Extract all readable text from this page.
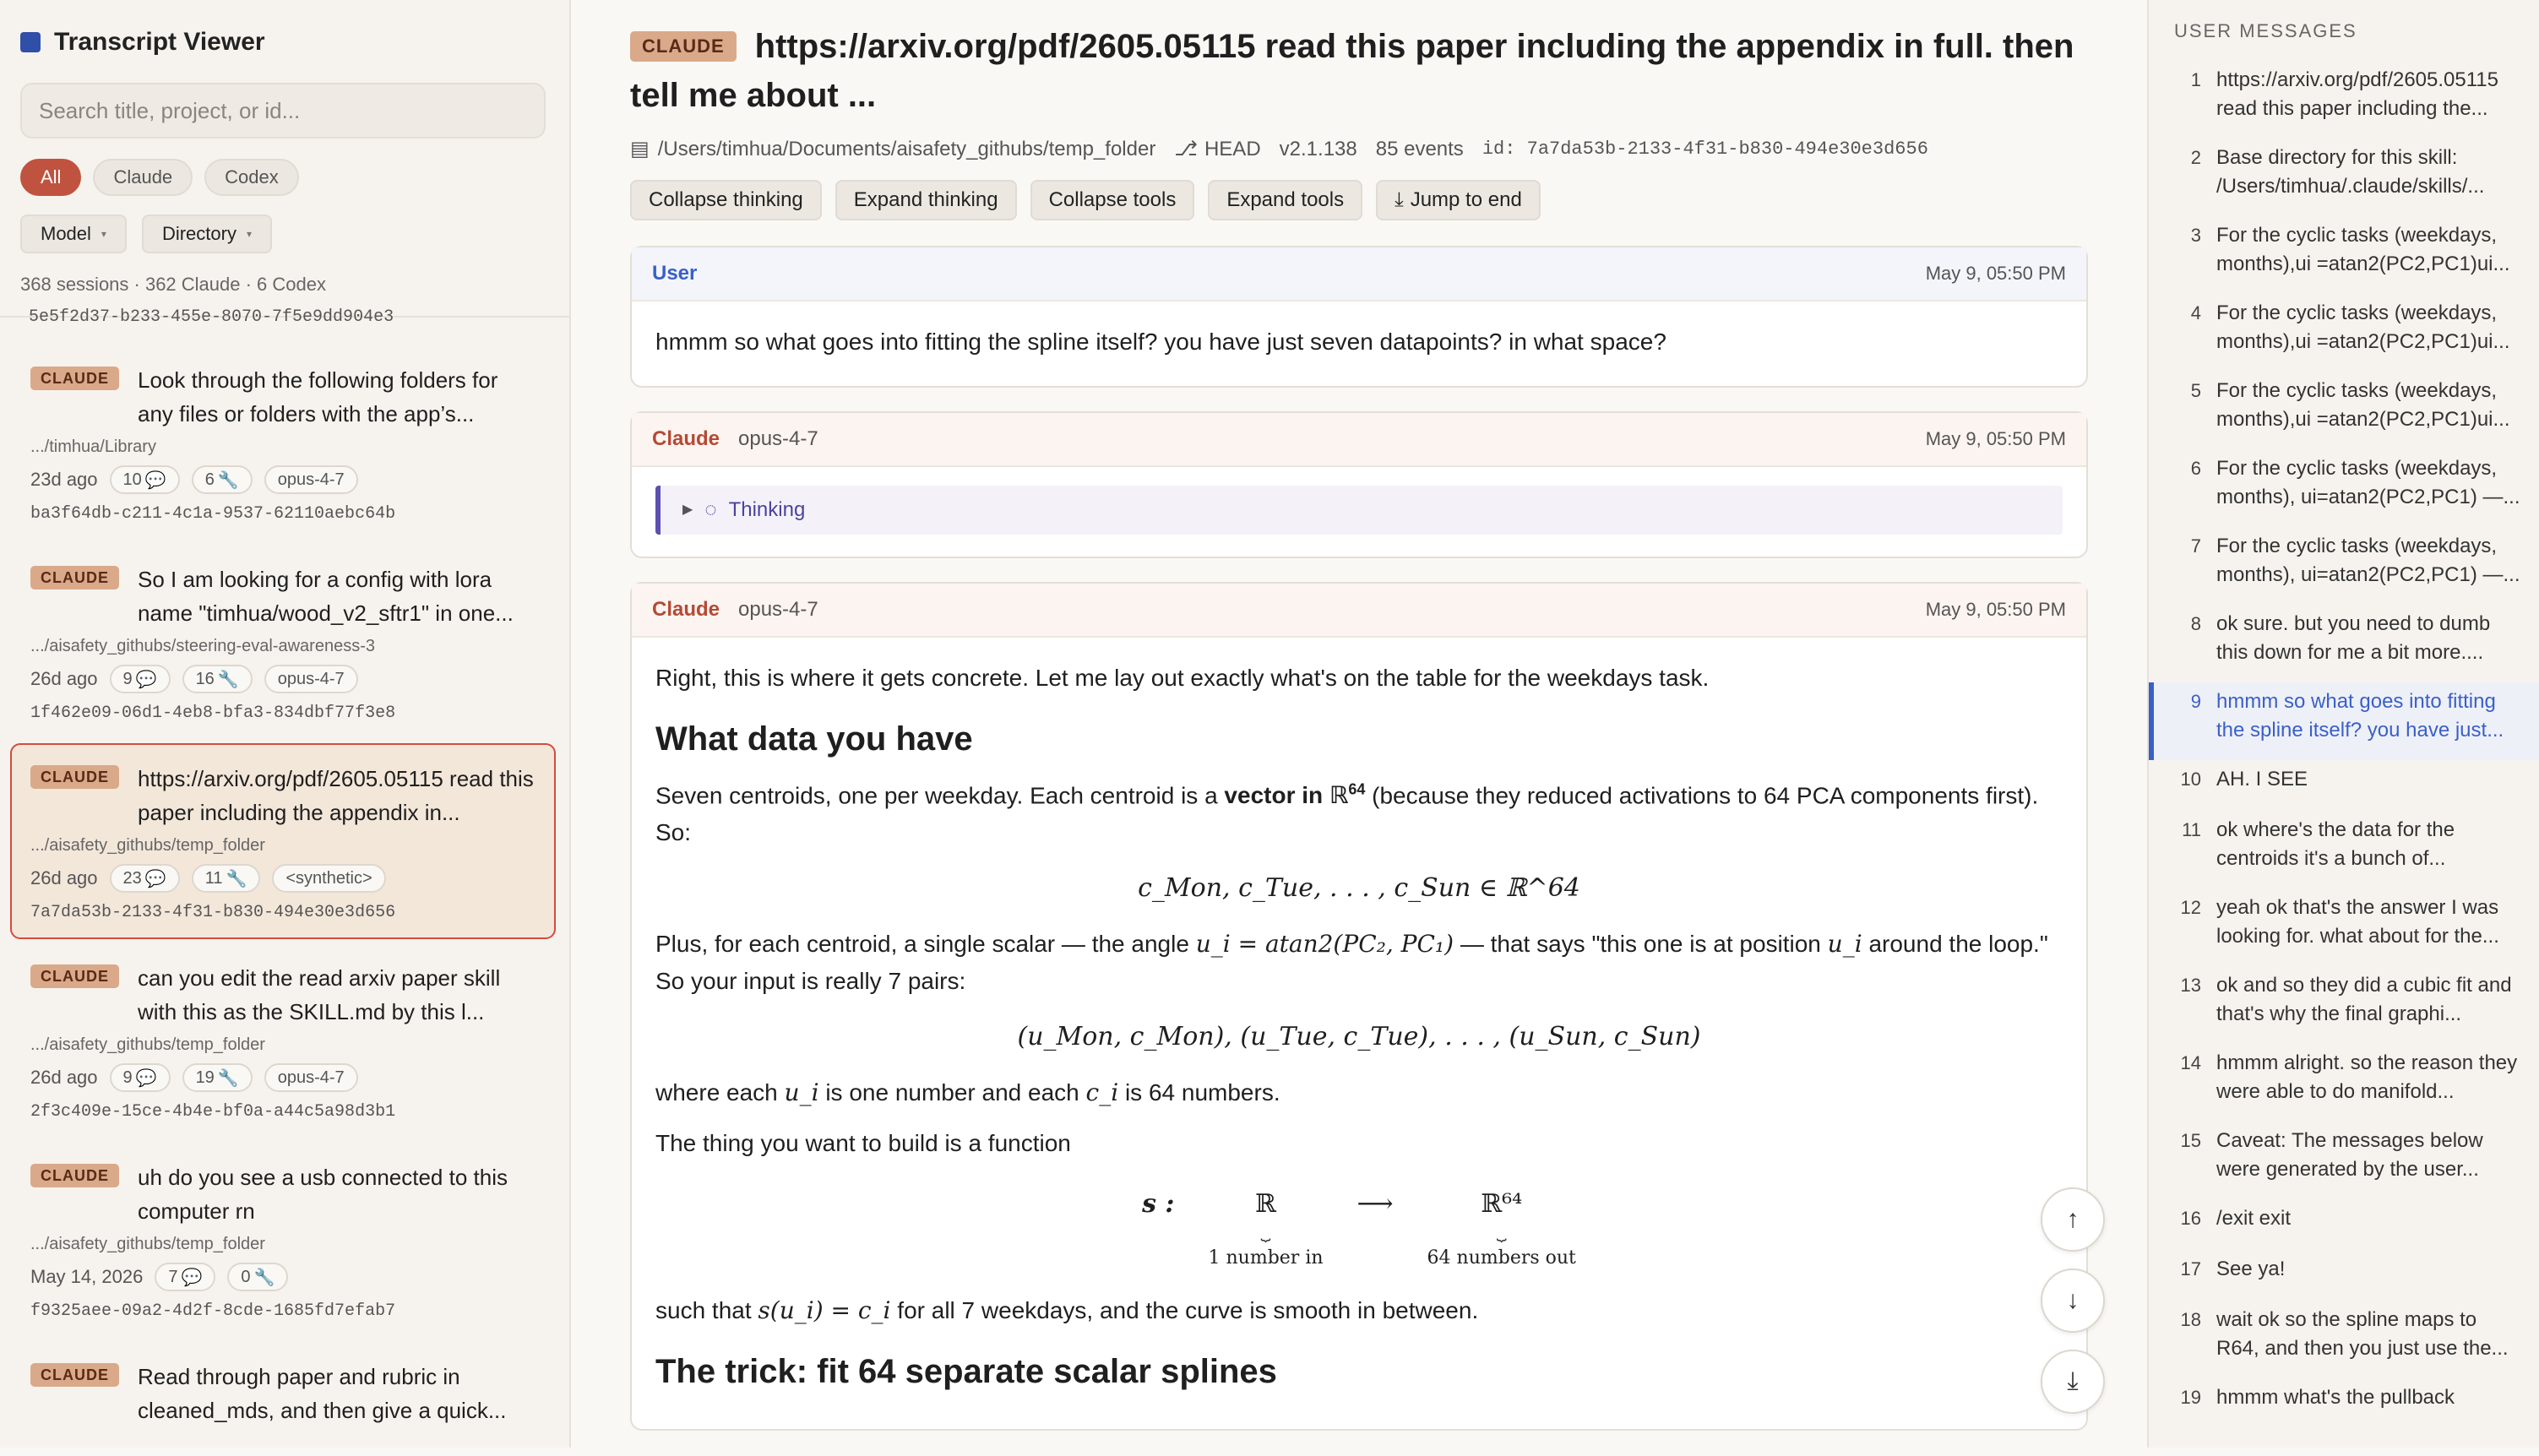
Transcript Viewer
Search title, project, or id...
All	Claude	Codex
Model ▾	Directory ▾
368 sessions · 362 Claude · 6 Codex
5e5f2d37-b233-455e-8070-7f5e9dd904e3
CLAUDE	Look through the following folders for any files or folders with the app’s...
.../timhua/Library
23d ago 10 💬 6 🔧	opus-4-7
ba3f64db-c211-4c1a-9537-62110aebc64b
CLAUDE	So I am looking for a config with lora name "timhua/wood_v2_sftr1" in one...
.../aisafety_githubs/steering-eval-awareness-3
26d ago 9 💬 16 🔧	opus-4-7
1f462e09-06d1-4eb8-bfa3-834dbf77f3e8
CLAUDE	https://arxiv.org/pdf/2605.05115 read this paper including the appendix in...
.../aisafety_githubs/temp_folder
26d ago 23 💬 11 🔧	<synthetic>
7a7da53b-2133-4f31-b830-494e30e3d656
CLAUDE	can you edit the read arxiv paper skill with this as the SKILL.md by this l...
.../aisafety_githubs/temp_folder
26d ago 9 💬 19 🔧	opus-4-7
2f3c409e-15ce-4b4e-bf0a-a44c5a98d3b1
CLAUDE	uh do you see a usb connected to this computer rn
.../aisafety_githubs/temp_folder
May 14, 2026 7 💬 0 🔧
f9325aee-09a2-4d2f-8cde-1685fd7efab7
CLAUDE	Read through paper and rubric in cleaned_mds, and then give a quick...
CLAUDE https://arxiv.org/pdf/2605.05115 read this paper including the appendix in full. then tell me about ...
▤ /Users/timhua/Documents/aisafety_githubs/temp_folder ⎇ HEAD v2.1.138 85 events id: 7a7da53b-2133-4f31-b830-494e30e3d656
Collapse thinking	Expand thinking	Collapse tools	Expand tools	⤓ Jump to end
User	May 9, 05:50 PM
hmmm so what goes into fitting the spline itself? you have just seven datapoints? in what space?
Claude opus-4-7	May 9, 05:50 PM
▶ ◌ Thinking
Claude opus-4-7	May 9, 05:50 PM

Right, this is where it gets concrete. Let me lay out exactly what's on the table for the weekdays task.

What data you have

Seven centroids, one per weekday. Each centroid is a vector in ℝ$^{64}$ (because they reduced activations to 64 PCA components first). So:

c_Mon, c_Tue, . . . , c_Sun ∈ ℝ^64

Plus, for each centroid, a single scalar — the angle u_i = atan2(PC₂, PC₁) — that says "this one is at position u_i around the loop." So your input is really 7 pairs:

(u_Mon, c_Mon), (u_Tue, c_Tue), . . . , (u_Sun, c_Sun)

where each u_i is one number and each c_i is 64 numbers.

The thing you want to build is a function

s :	ℝ
⏟
1 number in
⟶	ℝ⁶⁴
⏟
64 numbers out

such that s(u_i) = c_i for all 7 weekdays, and the curve is smooth in between.

The trick: fit 64 separate scalar splines
↑
↓
⤓
USER MESSAGES
1 https://arxiv.org/pdf/2605.05115 read this paper including the...
2 Base directory for this skill: /Users/timhua/.claude/skills/...
3 For the cyclic tasks (weekdays, months),ui =atan2(PC2,PC1)ui...
4 For the cyclic tasks (weekdays, months),ui =atan2(PC2,PC1)ui...
5 For the cyclic tasks (weekdays, months),ui =atan2(PC2,PC1)ui...
6 For the cyclic tasks (weekdays, months), ui=atan2(PC2,PC1) —...
7 For the cyclic tasks (weekdays, months), ui=atan2(PC2,PC1) —...
8 ok sure. but you need to dumb this down for me a bit more....
9 hmmm so what goes into fitting the spline itself? you have just...
10 AH. I SEE
11 ok where's the data for the centroids it's a bunch of...
12 yeah ok that's the answer I was looking for. what about for the...
13 ok and so they did a cubic fit and that's why the final graphi...
14 hmmm alright. so the reason they were able to do manifold...
15 Caveat: The messages below were generated by the user...
16 /exit exit
17 See ya!
18 wait ok so the spline maps to R64, and then you just use the...
19 hmmm what's the pullback
